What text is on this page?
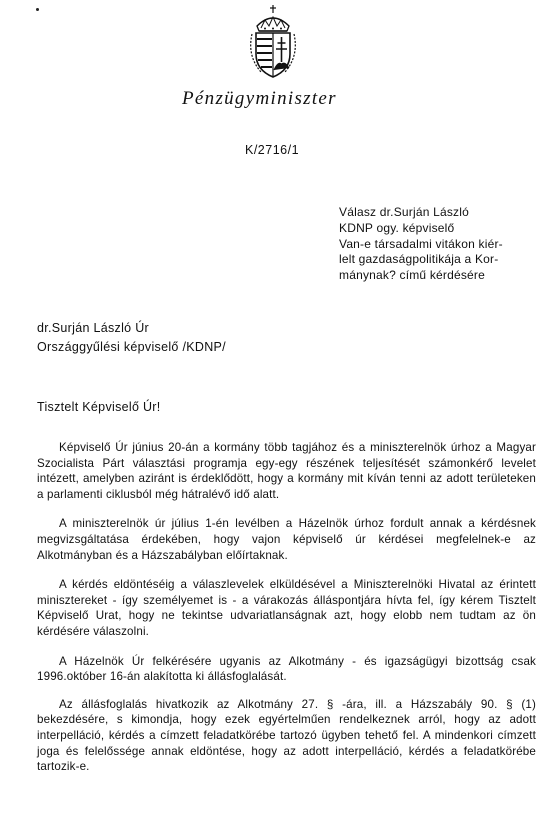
Pénzügyminiszter
K/2716/1
Válasz dr.Surján László
KDNP ogy. képviselő
Van-e társadalmi vitákon kiér-
lelt gazdaságpolitikája a Kor-
mánynak? című kérdésére
dr.Surján László Úr
Országgyűlési képviselő /KDNP/
Tisztelt Képviselő Úr!

Képviselő Úr június 20-án a kormány több tagjához és a miniszterelnök úrhoz a Magyar Szocialista Párt választási programja egy-egy részének teljesítését számonkérő levelet intézett, amelyben aziránt is érdeklődött, hogy a kormány mit kíván tenni az adott területeken a parlamenti ciklusból még hátralévő idő alatt.

A miniszterelnök úr július 1-én levélben a Házelnök úrhoz fordult annak a kérdésnek megvizsgáltatása érdekében, hogy vajon képviselő úr kérdései megfelelnek-e az Alkotmányban és a Házszabályban előírtaknak.

A kérdés eldöntéséig a válaszlevelek elküldésével a Miniszterelnöki Hivatal az érintett minisztereket - így személyemet is - a várakozás álláspontjára hívta fel, így kérem Tisztelt Képviselő Urat, hogy ne tekintse udvariatlanságnak azt, hogy elobb nem tudtam az ön kérdésére válaszolni.

A Házelnök Úr felkérésére ugyanis az Alkotmány - és igazságügyi bizottság csak 1996.október 16-án alakította ki állásfoglalását.

Az állásfoglalás hivatkozik az Alkotmány 27. § -ára, ill. a Házszabály 90. § (1) bekezdésére, s kimondja, hogy ezek egyértelműen rendelkeznek arról, hogy az adott interpelláció, kérdés a címzett feladatkörébe tartozó ügyben tehető fel. A mindenkori címzett joga és felelőssége annak eldöntése, hogy az adott interpelláció, kérdés a feladatkörébe tartozik-e.
